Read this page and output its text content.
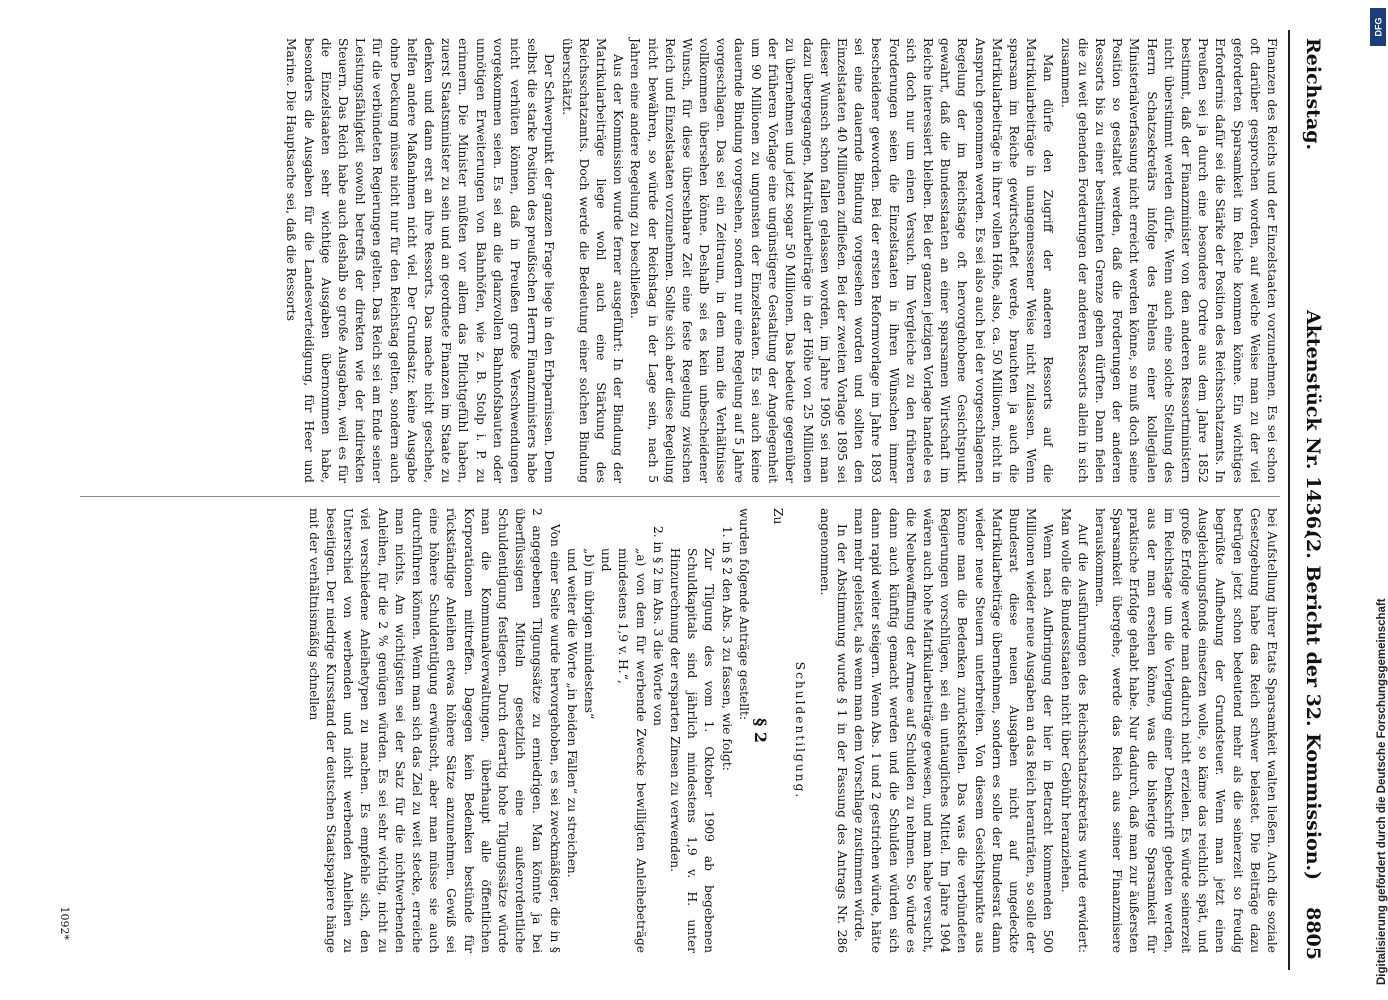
Reichstag.
Aktenstück Nr. 1436.
(2. Bericht der 32. Kommission.)
8805

Finanzen des Reichs und der Einzelstaaten vorzunehmen. Es sei schon oft darüber gesprochen worden, auf welche Weise man zu der viel geforderten Sparsamkeit im Reiche kommen könne. Ein wichtiges Erfordernis dafür sei die Stärke der Position des Reichsschatzamts. In Preußen sei ja durch eine besondere Ordre aus dem Jahre 1852 bestimmt, daß der Finanzminister von den anderen Ressortministern nicht überstimmt werden dürfe. Wenn auch eine solche Stellung des Herrn Schatzsekretärs infolge des Fehlens einer kollegialen Ministerialverfassung nicht erreicht werden könne, so muß doch seine Position so gestaltet werden, daß die Forderungen der anderen Ressorts bis zu einer bestimmten Grenze gehen dürften. Dann fielen die zu weit gehenden Forderungen der anderen Ressorts allein in sich zusammen.

Man dürfe den Zugriff der anderen Ressorts auf die Matrikularbeiträge in unangemessener Weise nicht zulassen. Wenn sparsam im Reiche gewirtschaftet werde, brauchten ja auch die Matrikularbeiträge in ihrer vollen Höhe, also, ca. 50 Millionen, nicht in Anspruch genommen werden. Es sei also auch bei der vorgeschlagenen Regelung der im Reichstage oft hervorgehobene Gesichtspunkt gewahrt, daß die Bundesstaaten an einer sparsamen Wirtschaft im Reiche interessiert bleiben. Bei der ganzen jetzigen Vorlage handele es sich doch nur um einen Versuch. Im Vergleiche zu den früheren Forderungen seien die Einzelstaaten in ihren Wünschen immer bescheidener geworden. Bei der ersten Reformvorlage im Jahre 1893 sei eine dauernde Bindung vorgesehen worden und sollten den Einzelstaaten 40 Millionen zufließen. Bei der zweiten Vorlage 1895 sei dieser Wunsch schon fallen gelassen worden, im Jahre 1905 sei man dazu übergegangen, Matrikularbeiträge in der Höhe von 25 Millionen zu übernehmen und jetzt sogar 50 Millionen. Das bedeute gegenüber der früheren Vorlage eine ungünstigere Gestaltung der Angelegenheit um 90 Millionen zu ungunsten der Einzelstaaten. Es sei auch keine dauernde Bindung vorgesehen, sondern nur eine Regelung auf 5 Jahre vorgeschlagen. Das sei ein Zeitraum, in dem man die Verhältnisse vollkommen übersehen könne. Deshalb sei es kein unbescheidener Wunsch, für diese übersehbare Zeit eine feste Regelung zwischen Reich und Einzelstaaten vorzunehmen. Sollte sich aber diese Regelung nicht bewähren, so würde der Reichstag in der Lage sein, nach 5 Jahren eine andere Regelung zu beschließen.

Aus der Kommission wurde ferner ausgeführt: In der Bindung der Matrikularbeiträge liege wohl auch eine Stärkung des Reichsschatzamts. Doch werde die Bedeutung einer solchen Bindung überschätzt.

Der Schwerpunkt der ganzen Frage liege in den Erbparnissen. Denn selbst die starke Position des preußischen Herrn Finanzministers habe nicht verhüten können, daß in Preußen große Verschwendungen vorgekommen seien. Es sei an die glanzvollen Bahnhofsbauten oder unnötigen Erweiterungen von Bahnhöfen, wie z. B. Stolp i. P. zu erinnern. Die Minister müßten vor allem das Pflichtgefühl haben, zuerst Staatsminister zu sein und an geordnete Finanzen im Staate zu denken und dann erst an ihre Ressorts. Das mache nicht geschehe, helfen andere Maßnahmen nicht viel. Der Grundsatz: keine Ausgabe ohne Deckung müsse nicht nur für den Reichstag gelten, sondern auch für die verbündeten Regierungen gelten. Das Reich sei am Ende seiner Leistungsfähigkeit sowohl betreffs der direkten wie der indirekten Steuern. Das Reich habe auch deshalb so große Ausgaben, weil es für die Einzelstaaten sehr wichtige Ausgaben übernommen habe, besonders die Ausgaben für die Landesverteidigung, für Heer und Marine. Die Hauptsache sei, daß die Ressorts

bei Aufstellung ihrer Etats Sparsamkeit walten ließen. Auch die soziale Gesetzgebung habe das Reich schwer belastet. Die Beiträge dazu betrügen jetzt schon bedeutend mehr als die seinerzeit so freudig begrüßte Aufhebung der Grundsteuer. Wenn man jetzt einen Ausgleichungsfonds einsetzen wolle, so käme das reichlich spät, und große Erfolge werde man dadurch nicht erzielen. Es würde seinerzeit im Reichstage um die Vorlegung einer Denkschrift gebeten werden, aus der man ersehen könne, was die bisherige Sparsamkeit für praktische Erfolge gehabt habe. Nur dadurch, daß man zur äußersten Sparsamkeit übergehe, werde das Reich aus seiner Finanzmisere herauskommen.

Auf die Ausführungen des Reichsschatzsekretärs wurde erwidert: Man wolle die Bundesstaaten nicht über Gebühr heranziehen.

Wenn nach Aufbringung der hier in Betracht kommenden 500 Millionen wieder neue Ausgaben an das Reich heranträten, so solle der Bundesrat diese neuen Ausgaben nicht auf ungedeckte Matrikularbeiträge übernehmen, sondern es solle der Bundesrat dann wieder neue Steuern unterbreiten. Von diesem Gesichtspunkte aus könne man die Bedenken zurückstellen. Das was die verbündeten Regierungen vorschlügen, sei ein untaugliches Mittel. Im Jahre 1904 wären auch hohe Matrikularbeiträge gewesen, und man habe versucht, die Neubewaffnung der Armee auf Schulden zu nehmen. So würde es dann auch künftig gemacht werden und die Schulden würden sich dann rapid weiter steigern. Wenn Abs. 1 und 2 gestrichen würde, hätte man mehr geleistet, als wenn man dem Vorschlage zustimmen würde.

In der Abstimmung wurde § 1 in der Fassung des Antrags Nr. 286 angenommen.

Schuldentilgung.

Zu

§ 2

wurden folgende Anträge gestellt:

1. in § 2 den Abs. 3 zu fassen, wie folgt:

Zur Tilgung des vom 1. Oktober 1909 ab begebenen Schuldkapitals sind jährlich mindestens 1,9 v. H. unter Hinzurechnung der ersparten Zinsen zu verwenden.

2. in § 2 im Abs. 3 die Worte von

„a) von dem für werbende Zwecke bewilligten Anleihebeträge mindestens 1,9 v. H.“,

und

„b) im übrigen mindestens“

und weiter die Worte „in beiden Fällen“ zu streichen.

Von einer Seite wurde hervorgehoben, es sei zweckmäßiger, die in § 2 angegebenen Tilgungssätze zu erniedrigen. Man könnte ja bei überflüssigen Mitteln gesetzlich eine außerordentliche Schuldentilgung festlegen. Durch derartig hohe Tilgungssätze würde man die Kommunalverwaltungen, überhaupt alle öffentlichen Korporationen mittreffen. Dagegen kein Bedenken bestünde für rückständige Anleihen etwas höhere Sätze anzunehmen. Gewiß sei eine höhere Schuldentilgung erwünscht, aber man müsse sie auch durchführen können. Wenn man sich das Ziel zu weit stecke, erreiche man nichts. Am wichtigsten sei der Satz für die nichtwerbenden Anleihen, für die 2 % genügen würden. Es sei sehr wichtig, nicht zu viel verschiedene Anleihetypen zu machen. Es empfehle sich, den Unterschied von werbenden und nicht werbenden Anleihen zu beseitigen. Der niedrige Kursstand der deutschen Staatspapiere hänge mit der verhältnismäßig schnellen

1092*
DFG
Digitalisierung gefördert durch die Deutsche Forschungsgemeinschaft
